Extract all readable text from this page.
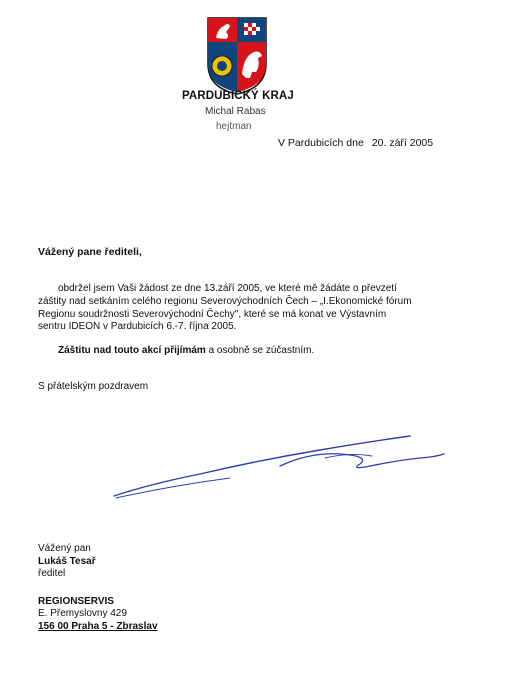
PARDUBICKÝ KRAJ
Michal Rabas
hejtman
V Pardubicích dne 20. září 2005
Vážený pane řediteli,
obdržel jsem Vaši žádost ze dne 13.září 2005, ve které mě žádáte o převzetí
záštity nad setkáním celého regionu Severovýchodních Čech – „I.Ekonomické fórum
Regionu soudržnosti Severovýchodní Čechy", které se má konat ve Výstavním
sentru IDEON v Pardubicích 6.-7. října 2005.
Záštitu nad touto akcí přijímám a osobně se zúčastním.
S přátelským pozdravem
Vážený pan
Lukáš Tesař
ředitel
REGIONSERVIS
E. Přemyslovny 429
156 00 Praha 5 - Zbraslav
